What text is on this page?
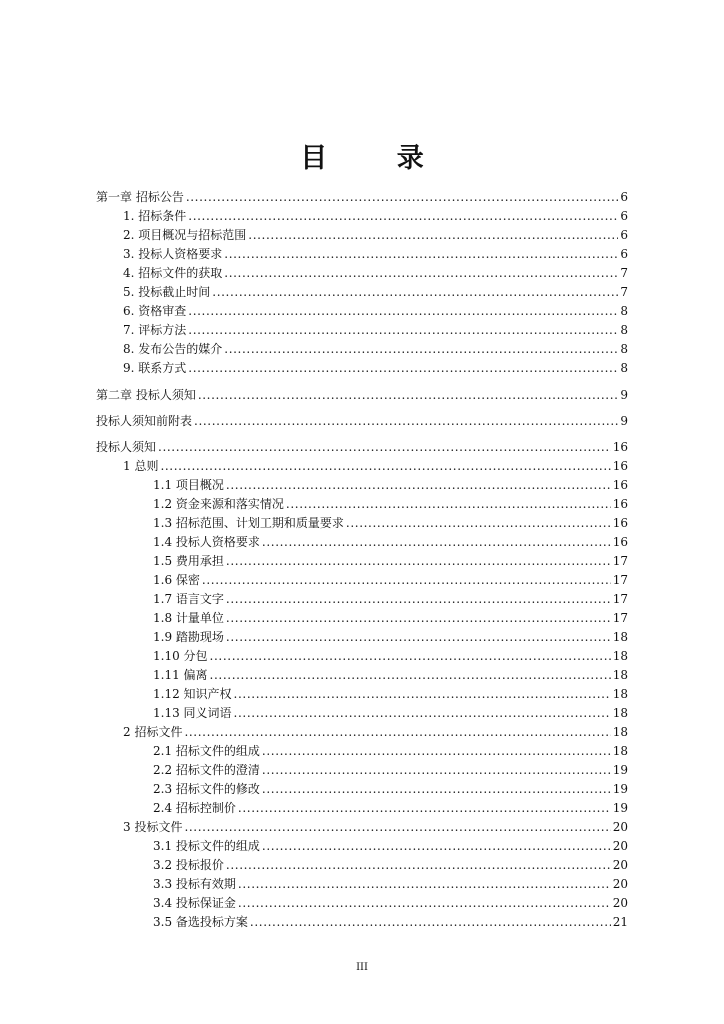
目 录
第一章 招标公告 . . .	6
1. 招标条件 . . .	6
2. 项目概况与招标范围 . . .	6
3. 投标人资格要求 . . .	6
4. 招标文件的获取 . . .	7
5. 投标截止时间 . . .	7
6. 资格审查 . . .	8
7. 评标方法 . . .	8
8. 发布公告的媒介 . . .	8
9. 联系方式 . . .	8
第二章 投标人须知 . . .	9
投标人须知前附表 . . .	9
投标人须知 . . .	16
1 总则 . . .	16
1.1 项目概况 . . .	16
1.2 资金来源和落实情况 . . .	16
1.3 招标范围、计划工期和质量要求 . . .	16
1.4 投标人资格要求 . . .	16
1.5 费用承担 . . .	17
1.6 保密 . . .	17
1.7 语言文字 . . .	17
1.8 计量单位 . . .	17
1.9 踏勘现场 . . .	18
1.10 分包 . . .	18
1.11 偏离 . . .	18
1.12 知识产权 . . .	18
1.13 同义词语 . . .	18
2 招标文件 . . .	18
2.1 招标文件的组成 . . .	18
2.2 招标文件的澄清 . . .	19
2.3 招标文件的修改 . . .	19
2.4 招标控制价 . . .	19
3 投标文件 . . .	20
3.1 投标文件的组成 . . .	20
3.2 投标报价 . . .	20
3.3 投标有效期 . . .	20
3.4 投标保证金 . . .	20
3.5 备选投标方案 . . .	21
III
